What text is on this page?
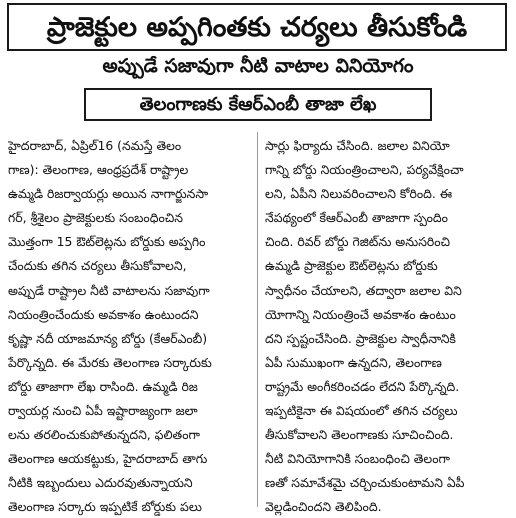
ప్రాజెక్టుల అప్పగింతకు చర్యలు తీసుకోండి
అప్పుడే సజావుగా నీటి వాటాల వినియోగం
తెలంగాణకు కేఆర్ఎంబీ తాజా లేఖ
హైదరాబాద్, ఏప్రిల్16 (నమస్తే తెలం
గాణ): తెలంగాణ, ఆంధ్రప్రదేశ్ రాష్ట్రాల
ఉమ్మడి రిజర్వాయర్లు అయిన నాగార్జునసా
గర్, శ్రీశైలం ప్రాజెక్టులకు సంబంధించిన
మొత్తంగా 15 ఔట్‌లెట్లను బోర్డుకు అప్పగిం
చేందుకు తగిన చర్యలు తీసుకోవాలని,
అప్పుడే రాష్ట్రాల నీటి వాటాలను సజావుగా
నియంత్రించేందుకు అవకాశం ఉంటుందని
కృష్ణా నదీ యాజమాన్య బోర్డు (కేఆర్ఎంబీ)
పేర్కొన్నది. ఈ మేరకు తెలంగాణ సర్కారుకు
బోర్డు తాజాగా లేఖ రాసింది. ఉమ్మడి రిజ
ర్వాయర్ల నుంచి ఏపీ ఇష్టారాజ్యంగా జలా
లను తరలించుకుపోతున్నదని, ఫలితంగా
తెలంగాణ ఆయకట్టుకు, హైదరాబాద్ తాగు
నీటికి ఇబ్బందులు ఎదురవుతున్నాయని
తెలంగాణ సర్కారు ఇప్పటికే బోర్డుకు పలు
సార్లు ఫిర్యాదు చేసింది. జలాల వినియో
గాన్ని బోర్డు నియంత్రించాలని, పర్యవేక్షించా
లని, ఏపీని నిలువరించాలని కోరింది. ఈ
నేపథ్యంలో కేఆర్ఎంబీ తాజాగా స్పందిం
చింది. రివర్ బోర్డు గెజిట్‌ను అనుసరించి
ఉమ్మడి ప్రాజెక్టుల ఔట్‌లెట్లను బోర్డుకు
స్వాధీనం చేయాలని, తద్వారా జలాల విని
యోగాన్ని నియంత్రించే అవకాశం ఉంటుం
దని స్పష్టంచేసింది. ప్రాజెక్టుల స్వాధీనానికి
ఏపీ సుముఖంగా ఉన్నదని, తెలంగాణ
రాష్ట్రమే అంగీకరించడం లేదని పేర్కొన్నది.
ఇప్పటికైనా ఈ విషయంలో తగిన చర్యలు
తీసుకోవాలని తెలంగాణకు సూచించింది.
నీటి వినియోగానికి సంబంధించి తెలంగా
ణతో సమావేశమై చర్చించుకుంటామని ఏపీ
వెల్లడించిందని తెలిపింది.
